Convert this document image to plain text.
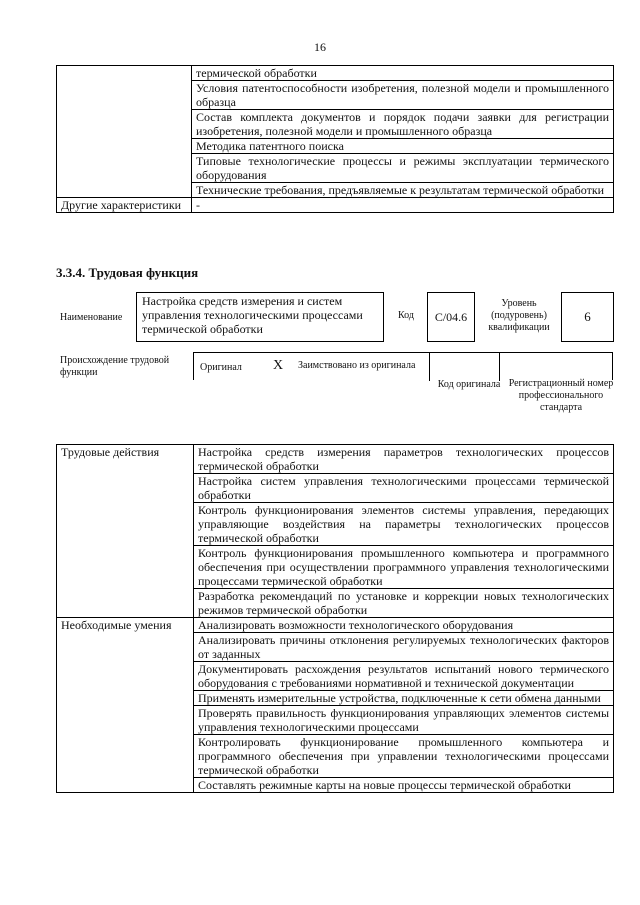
16
	термической обработки
	Условия патентоспособности изобретения, полезной модели и промышленного образца
	Состав комплекта документов и порядок подачи заявки для регистрации изобретения, полезной модели и промышленного образца
	Методика патентного поиска
	Типовые технологические процессы и режимы эксплуатации термического оборудования
	Технические требования, предъявляемые к результатам термической обработки
Другие характеристики	-
3.3.4. Трудовая функция
Наименование
Настройка средств измерения и систем управления технологическими процессами термической обработки
Код	C/04.6
Уровень (подуровень) квалификации
6
Происхождение трудовой функции	Оригинал X Заимствовано из оригинала
Код оригинала Регистрационный номер профессионального стандарта
Трудовые действия	Настройка средств измерения параметров технологических процессов термической обработки
	Настройка систем управления технологическими процессами термической обработки
	Контроль функционирования элементов системы управления, передающих управляющие воздействия на параметры технологических процессов термической обработки
	Контроль функционирования промышленного компьютера и программного обеспечения при осуществлении программного управления технологическими процессами термической обработки
	Разработка рекомендаций по установке и коррекции новых технологических режимов термической обработки
Необходимые умения	Анализировать возможности технологического оборудования
	Анализировать причины отклонения регулируемых технологических факторов от заданных
	Документировать расхождения результатов испытаний нового термического оборудования с требованиями нормативной и технической документации
	Применять измерительные устройства, подключенные к сети обмена данными
	Проверять правильность функционирования управляющих элементов системы управления технологическими процессами
	Контролировать функционирование промышленного компьютера и программного обеспечения при управлении технологическими процессами термической обработки
	Составлять режимные карты на новые процессы термической обработки
